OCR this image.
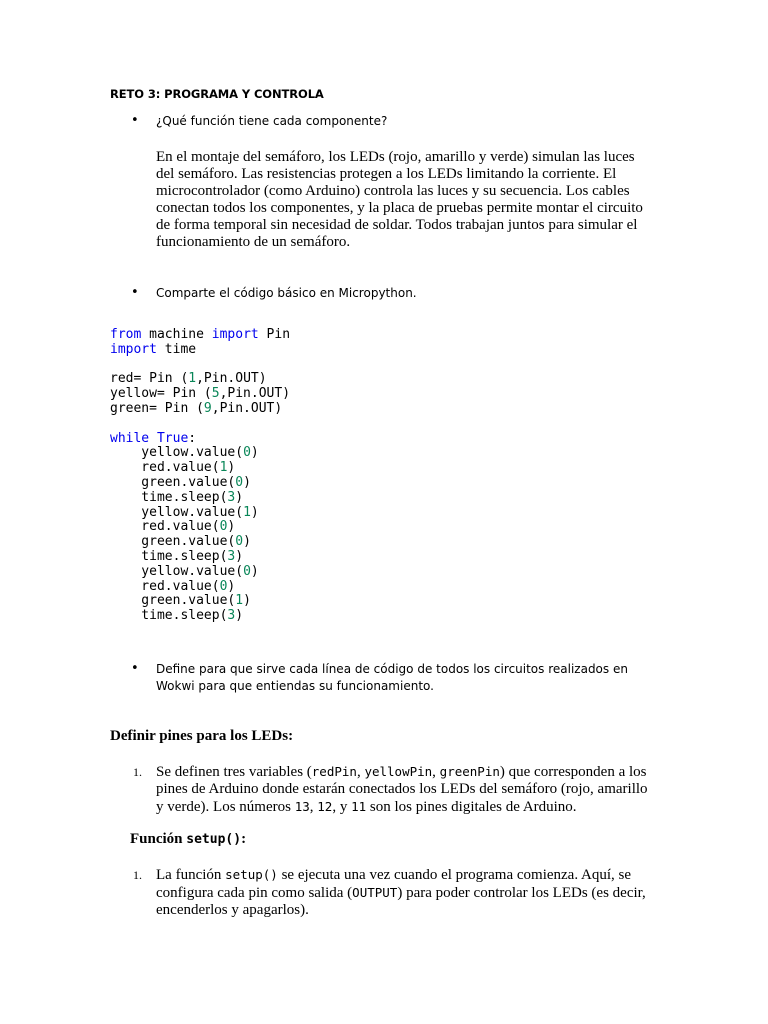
RETO 3: PROGRAMA Y CONTROLA
• ¿Qué función tiene cada componente?

En el montaje del semáforo, los LEDs (rojo, amarillo y verde) simulan las luces del semáforo. Las resistencias protegen a los LEDs limitando la corriente. El microcontrolador (como Arduino) controla las luces y su secuencia. Los cables conectan todos los componentes, y la placa de pruebas permite montar el circuito de forma temporal sin necesidad de soldar. Todos trabajan juntos para simular el funcionamiento de un semáforo.

• Comparte el código básico en Micropython.
from machine import Pin
import time

red= Pin (1,Pin.OUT)
yellow= Pin (5,Pin.OUT)
green= Pin (9,Pin.OUT)

while True:
yellow.value(0)
red.value(1)
green.value(0)
time.sleep(3)
yellow.value(1)
red.value(0)
green.value(0)
time.sleep(3)
yellow.value(0)
red.value(0)
green.value(1)
time.sleep(3)
• Define para que sirve cada línea de código de todos los circuitos realizados en Wokwi para que entiendas su funcionamiento.
Definir pines para los LEDs:
1. Se definen tres variables (redPin, yellowPin, greenPin) que corresponden a los pines de Arduino donde estarán conectados los LEDs del semáforo (rojo, amarillo y verde). Los números 13, 12, y 11 son los pines digitales de Arduino.
Función setup():
1. La función setup() se ejecuta una vez cuando el programa comienza. Aquí, se configura cada pin como salida (OUTPUT) para poder controlar los LEDs (es decir, encenderlos y apagarlos).
